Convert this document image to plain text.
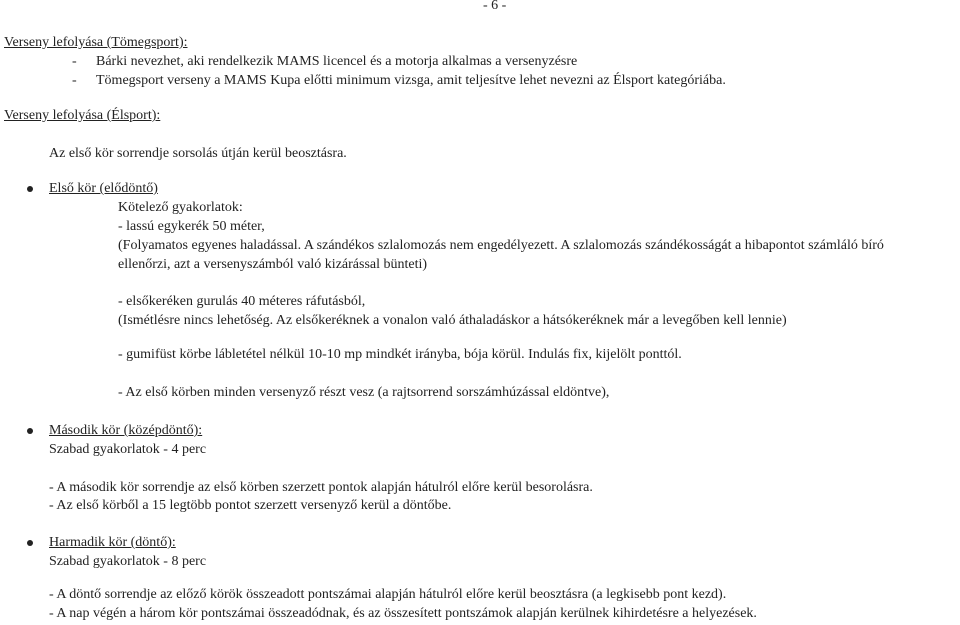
- 6 -
Verseny lefolyása (Tömegsport):
- Bárki nevezhet, aki rendelkezik MAMS licencel és a motorja alkalmas a versenyzésre
- Tömegsport verseny a MAMS Kupa előtti minimum vizsga, amit teljesítve lehet nevezni az Élsport kategóriába.
Verseny lefolyása (Élsport):
Az első kör sorrendje sorsolás útján kerül beosztásra.
Első kör (elődöntő)
Kötelező gyakorlatok:
- lassú egykerék 50 méter,
(Folyamatos egyenes haladással. A szándékos szlalomozás nem engedélyezett. A szlalomozás szándékosságát a hibapontot számláló bíró
ellenőrzi, azt a versenyszámból való kizárással bünteti)
- elsőkeréken gurulás 40 méteres ráfutásból,
(Ismétlésre nincs lehetőség. Az elsőkeréknek a vonalon való áthaladáskor a hátsókeréknek már a levegőben kell lennie)
- gumifüst körbe lábletétel nélkül 10-10 mp mindkét irányba, bója körül. Indulás fix, kijelölt ponttól.
- Az első körben minden versenyző részt vesz (a rajtsorrend sorszámhúzással eldöntve),
Második kör (középdöntő):
Szabad gyakorlatok - 4 perc
- A második kör sorrendje az első körben szerzett pontok alapján hátulról előre kerül besorolásra.
- Az első körből a 15 legtöbb pontot szerzett versenyző kerül a döntőbe.
Harmadik kör (döntő):
Szabad gyakorlatok - 8 perc
- A döntő sorrendje az előző körök összeadott pontszámai alapján hátulról előre kerül beosztásra (a legkisebb pont kezd).
- A nap végén a három kör pontszámai összeadódnak, és az összesített pontszámok alapján kerülnek kihirdetésre a helyezések.
